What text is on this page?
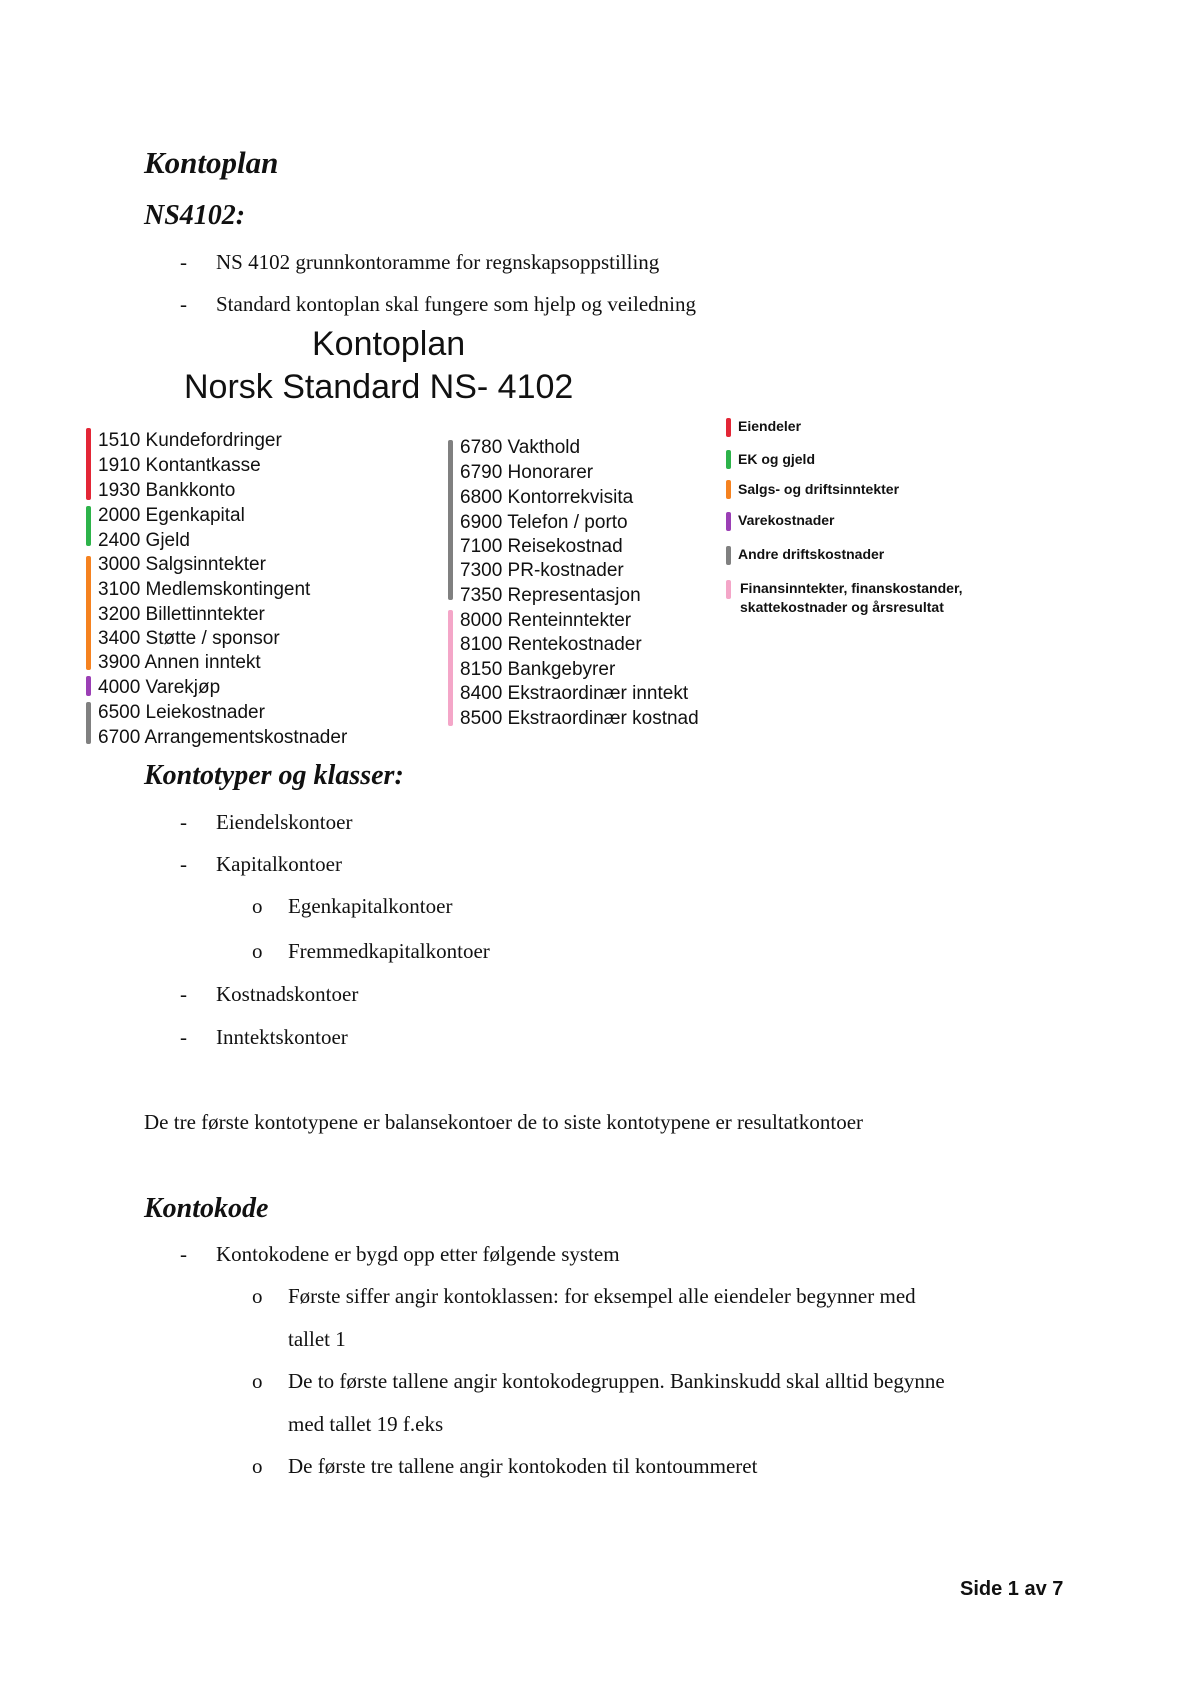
Kontoplan
NS4102:
- NS 4102 grunnkontoramme for regnskapsoppstilling
- Standard kontoplan skal fungere som hjelp og veiledning
Kontoplan
Norsk Standard NS- 4102
1510 Kundefordringer
1910 Kontantkasse
1930 Bankkonto
2000 Egenkapital
2400 Gjeld
3000 Salgsinntekter
3100 Medlemskontingent
3200 Billettinntekter
3400 Støtte / sponsor
3900 Annen inntekt
4000 Varekjøp
6500 Leiekostnader
6700 Arrangementskostnader
6780 Vakthold
6790 Honorarer
6800 Kontorrekvisita
6900 Telefon / porto
7100 Reisekostnad
7300 PR-kostnader
7350 Representasjon
8000 Renteinntekter
8100 Rentekostnader
8150 Bankgebyrer
8400 Ekstraordinær inntekt
8500 Ekstraordinær kostnad
Eiendeler
EK og gjeld
Salgs- og driftsinntekter
Varekostnader
Andre driftskostnader
Finansinntekter, finanskostander,
skattekostnader og årsresultat
Kontotyper og klasser:
- Eiendelskontoer
- Kapitalkontoer
o Egenkapitalkontoer
o Fremmedkapitalkontoer
- Kostnadskontoer
- Inntektskontoer
De tre første kontotypene er balansekontoer de to siste kontotypene er resultatkontoer
Kontokode
- Kontokodene er bygd opp etter følgende system
o Første siffer angir kontoklassen: for eksempel alle eiendeler begynner med
tallet 1
o De to første tallene angir kontokodegruppen. Bankinskudd skal alltid begynne
med tallet 19 f.eks
o De første tre tallene angir kontokoden til kontoummeret
Side 1 av 7
